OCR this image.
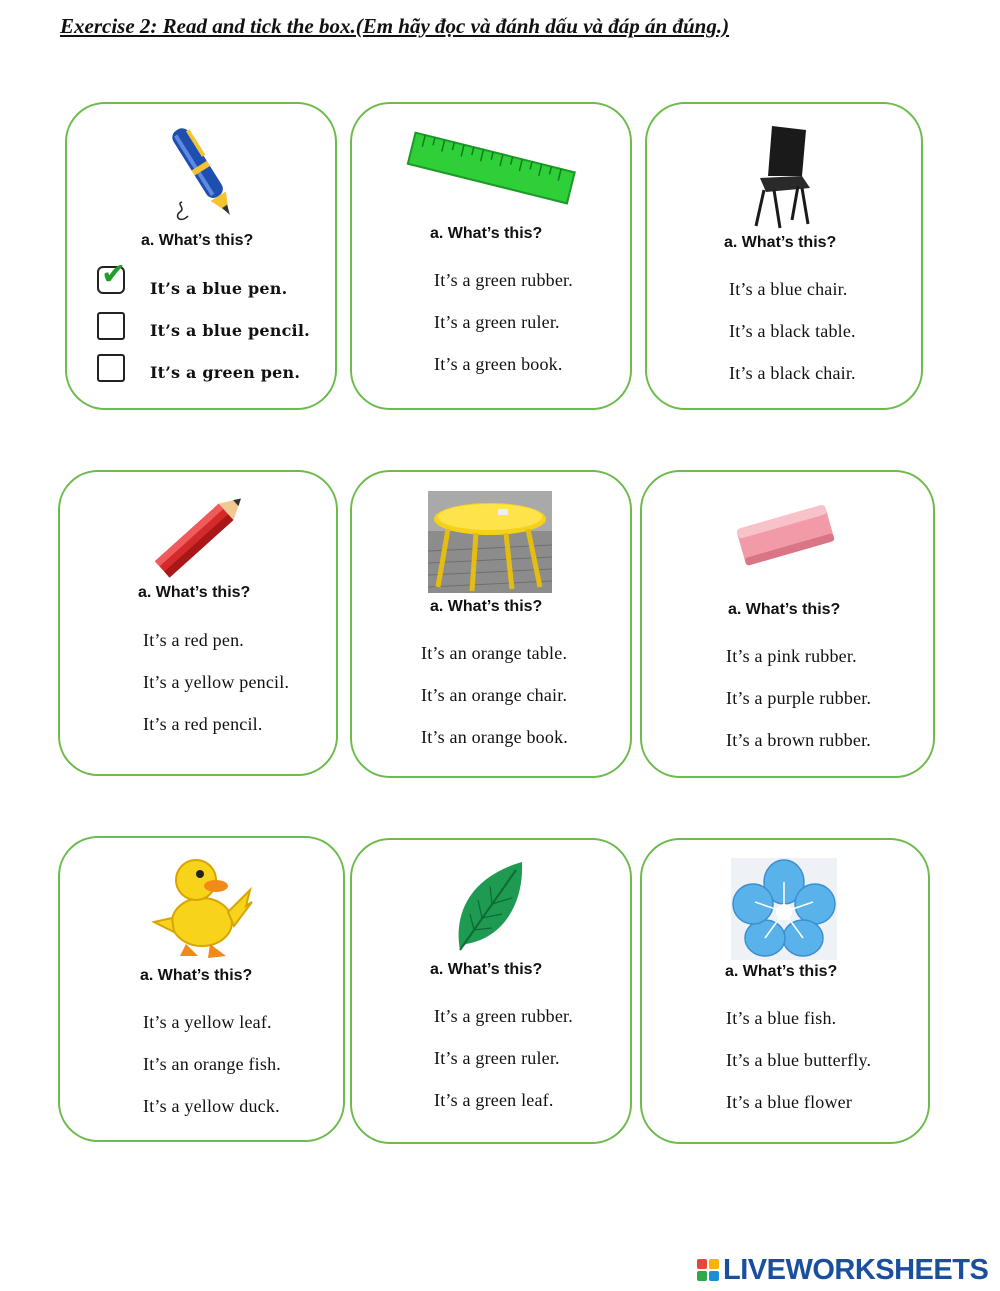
Exercise 2: Read and tick the box.(Em hãy đọc và đánh dấu và đáp án đúng.)
a. What’s this?
✔ It’s a blue pen.
It’s a blue pencil.
It’s a green pen.
a. What’s this?
It’s a green rubber.
It’s a green ruler.
It’s a green book.
a. What’s this?
It’s a blue chair.
It’s a black table.
It’s a black chair.
a. What’s this?
It’s a red pen.
It’s a yellow pencil.
It’s a red pencil.
a. What’s this?
It’s an orange table.
It’s an orange chair.
It’s an orange book.
a. What’s this?
It’s a pink rubber.
It’s a purple rubber.
It’s a brown rubber.
a. What’s this?
It’s a yellow leaf.
It’s an orange fish.
It’s a yellow duck.
a. What’s this?
It’s a green rubber.
It’s a green ruler.
It’s a green leaf.
a. What’s this?
It’s a blue fish.
It’s a blue butterfly.
It’s a blue flower
LIVEWORKSHEETS
